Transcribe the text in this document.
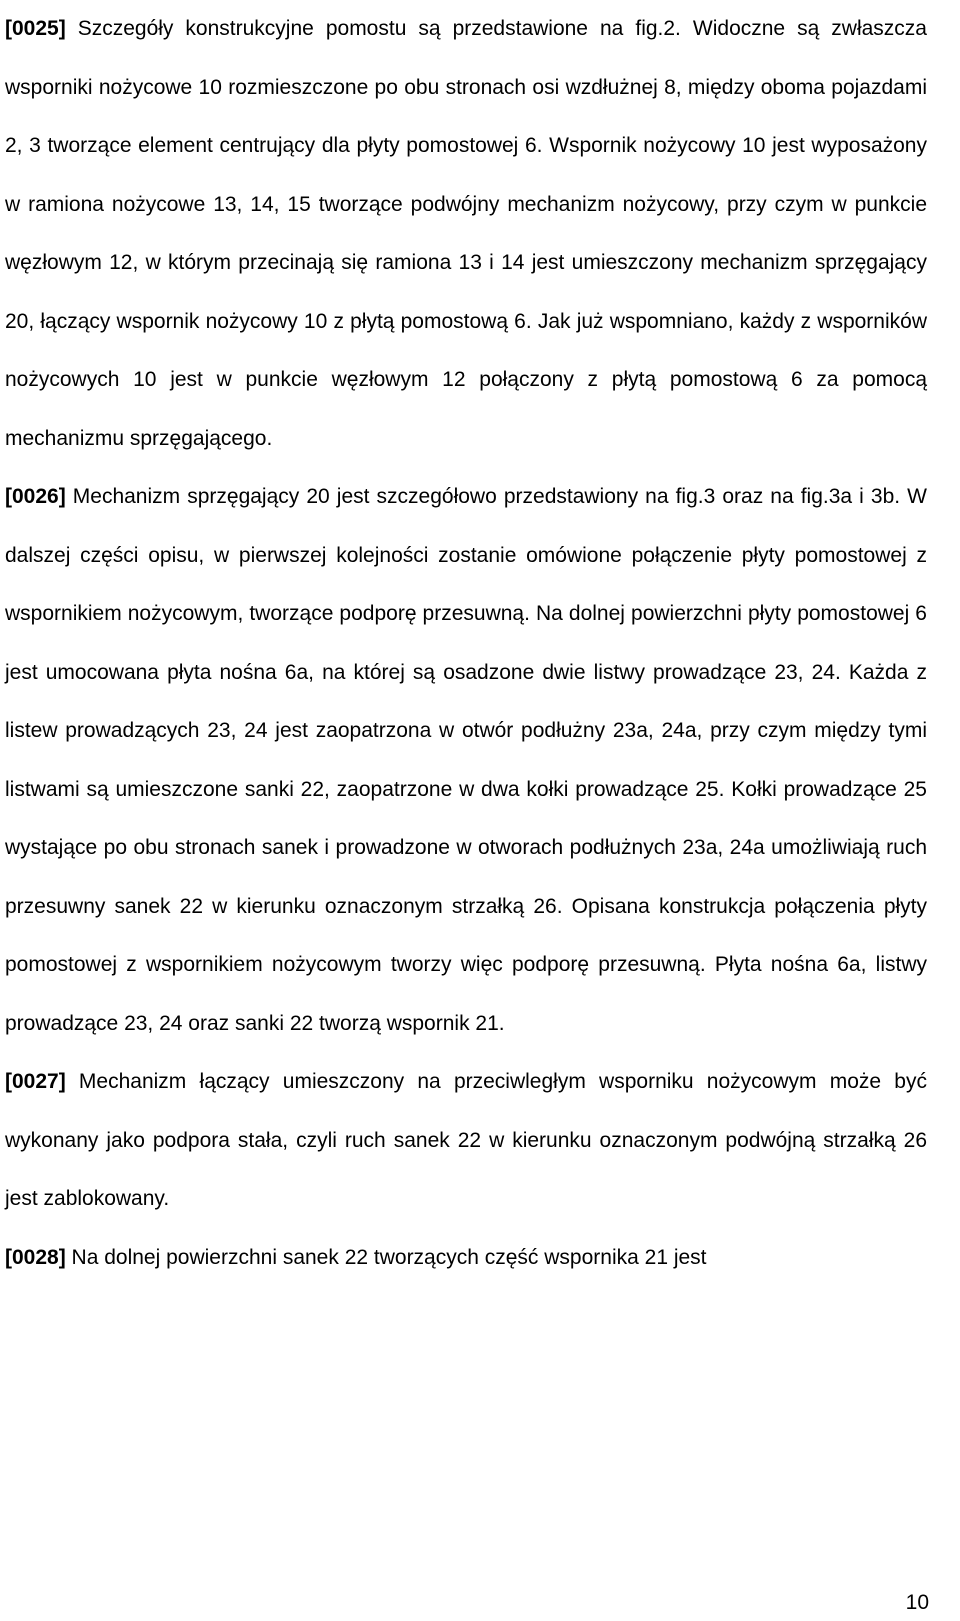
[0025] Szczegóły konstrukcyjne pomostu są przedstawione na fig.2. Widoczne są zwłaszcza wsporniki nożycowe 10 rozmieszczone po obu stronach osi wzdłużnej 8, między oboma pojazdami 2, 3 tworzące element centrujący dla płyty pomostowej 6. Wspornik nożycowy 10 jest wyposażony w ramiona nożycowe 13, 14, 15 tworzące podwójny mechanizm nożycowy, przy czym w punkcie węzłowym 12, w którym przecinają się ramiona 13 i 14 jest umieszczony mechanizm sprzęgający 20, łączący wspornik nożycowy 10 z płytą pomostową 6. Jak już wspomniano, każdy z wsporników nożycowych 10 jest w punkcie węzłowym 12 połączony z płytą pomostową 6 za pomocą mechanizmu sprzęgającego.

[0026] Mechanizm sprzęgający 20 jest szczegółowo przedstawiony na fig.3 oraz na fig.3a i 3b. W dalszej części opisu, w pierwszej kolejności zostanie omówione połączenie płyty pomostowej z wspornikiem nożycowym, tworzące podporę przesuwną. Na dolnej powierzchni płyty pomostowej 6 jest umocowana płyta nośna 6a, na której są osadzone dwie listwy prowadzące 23, 24. Każda z listew prowadzących 23, 24 jest zaopatrzona w otwór podłużny 23a, 24a, przy czym między tymi listwami są umieszczone sanki 22, zaopatrzone w dwa kołki prowadzące 25. Kołki prowadzące 25 wystające po obu stronach sanek i prowadzone w otworach podłużnych 23a, 24a umożliwiają ruch przesuwny sanek 22 w kierunku oznaczonym strzałką 26. Opisana konstrukcja połączenia płyty pomostowej z wspornikiem nożycowym tworzy więc podporę przesuwną. Płyta nośna 6a, listwy prowadzące 23, 24 oraz sanki 22 tworzą wspornik 21.

[0027] Mechanizm łączący umieszczony na przeciwległym wsporniku nożycowym może być wykonany jako podpora stała, czyli ruch sanek 22 w kierunku oznaczonym podwójną strzałką 26 jest zablokowany.

[0028] Na dolnej powierzchni sanek 22 tworzących część wspornika 21 jest

10
